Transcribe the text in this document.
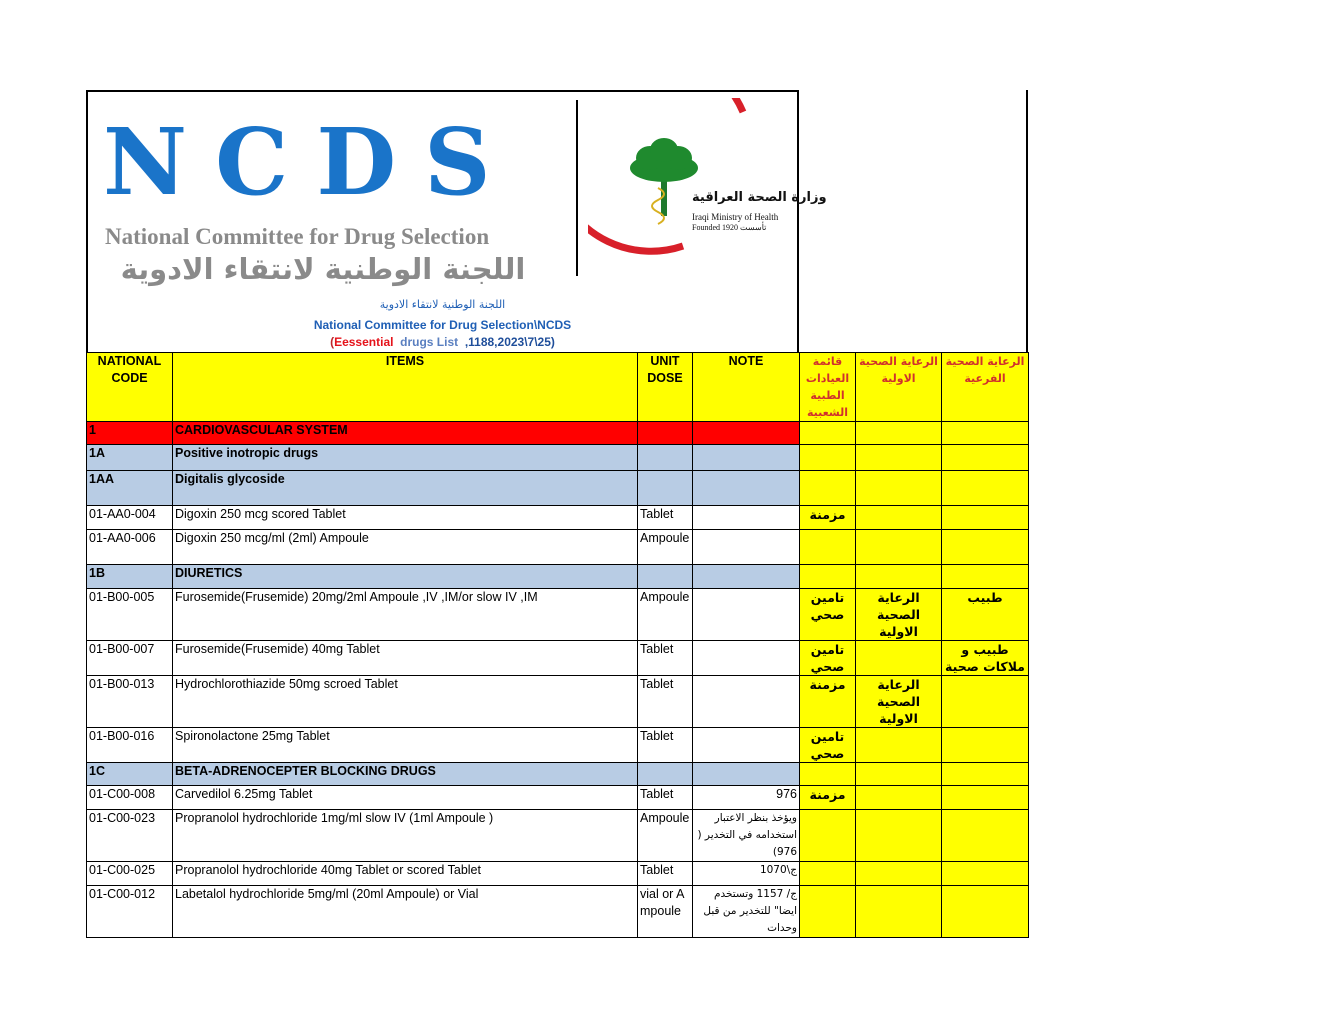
NCDS
National Committee for Drug Selection
اللجنة الوطنية لانتقاء الادوية
وزارة الصحة العراقية
Iraqi Ministry of Health
Founded 1920 تأسست
اللجنة الوطنية لانتقاء الادوية
National Committee for Drug Selection\NCDS
(Eessential drugs List ,1188,2023\7\25)
NATIONAL CODE	ITEMS	UNIT DOSE	NOTE	قائمة العيادات الطبية الشعبية	الرعاية الصحية الاولية	الرعاية الصحية الفرعية
1	CARDIOVASCULAR SYSTEM					
1A	Positive inotropic drugs					
1AA	Digitalis glycoside					
01-AA0-004	Digoxin 250 mcg scored Tablet	Tablet		مزمنة		
01-AA0-006	Digoxin 250 mcg/ml (2ml) Ampoule	Ampoule				
1B	DIURETICS					
01-B00-005	Furosemide(Frusemide) 20mg/2ml Ampoule ,IV ,IM/or slow IV ,IM	Ampoule		تامين صحي	الرعاية الصحية الاولية	طبيب
01-B00-007	Furosemide(Frusemide) 40mg Tablet	Tablet		تامين صحي		طبيب و ملاكات صحية
01-B00-013	Hydrochlorothiazide 50mg scroed Tablet	Tablet		مزمنة	الرعاية الصحية الاولية	
01-B00-016	Spironolactone 25mg Tablet	Tablet		تامين صحي		
1C	BETA-ADRENOCEPTER BLOCKING DRUGS					
01-C00-008	Carvedilol 6.25mg Tablet	Tablet	976	مزمنة		
01-C00-023	Propranolol hydrochloride 1mg/ml slow IV (1ml Ampoule )	Ampoule	ويؤخذ بنظر الاعتبار استخدامه في التخدير ( 976)			
01-C00-025	Propranolol hydrochloride 40mg Tablet or scored Tablet	Tablet	ج\1070			
01-C00-012	Labetalol hydrochloride 5mg/ml (20ml Ampoule) or Vial	vial or Ampoule	ج/ 1157 وتستخدم ايضا" للتخدير من قبل وحدات			
